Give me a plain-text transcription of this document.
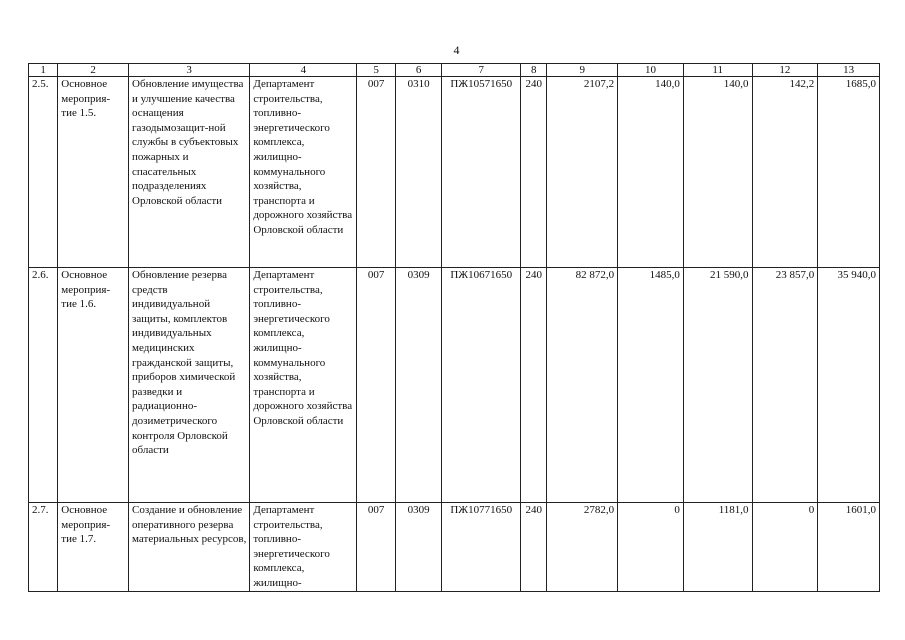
4
1	2	3	4	5	6	7	8	9	10	11	12	13
2.5.	Основное мероприя-тие 1.5.	Обновление имущества и улучшение качества оснащения газодымозащит-ной службы в субъектовых пожарных и спасательных подразделениях Орловской области	Департамент строительства, топливно-энергетического комплекса, жилищно-коммунального хозяйства, транспорта и дорожного хозяйства Орловской области	007	0310	ПЖ10571650	240	2107,2	140,0	140,0	142,2	1685,0
2.6.	Основное мероприя-тие 1.6.	Обновление резерва средств индивидуальной защиты, комплектов индивидуальных медицинских гражданской защиты, приборов химической разведки и радиационно-дозиметрического контроля Орловской области	Департамент строительства, топливно-энергетического комплекса, жилищно-коммунального хозяйства, транспорта и дорожного хозяйства Орловской области	007	0309	ПЖ10671650	240	82 872,0	1485,0	21 590,0	23 857,0	35 940,0
2.7.	Основное мероприя-тие 1.7.	Создание и обновление оперативного резерва материальных ресурсов,	Департамент строительства, топливно-энергетического комплекса, жилищно-	007	0309	ПЖ10771650	240	2782,0	0	1181,0	0	1601,0
